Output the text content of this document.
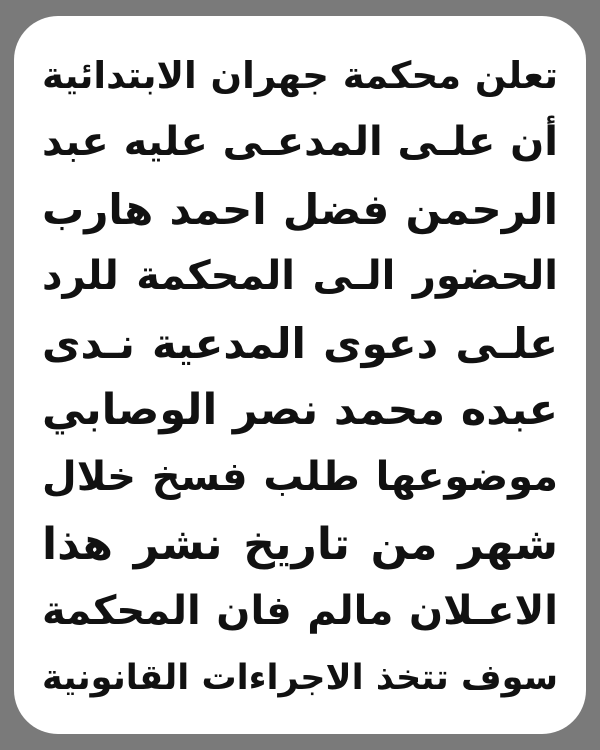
تعلن محكمة جهران الابتدائية
أن علـى المدعـى عليه عبد
الرحمن فضل احمد هارب
الحضور الـى المحكمة للرد
علـى دعوى المدعية نـدى
عبده محمد نصر الوصابي
موضوعها طلب فسخ خلال
شهر من تاريخ نشر هذا
الاعـلان مالم فان المحكمة
سوف تتخذ الاجراءات القانونية
